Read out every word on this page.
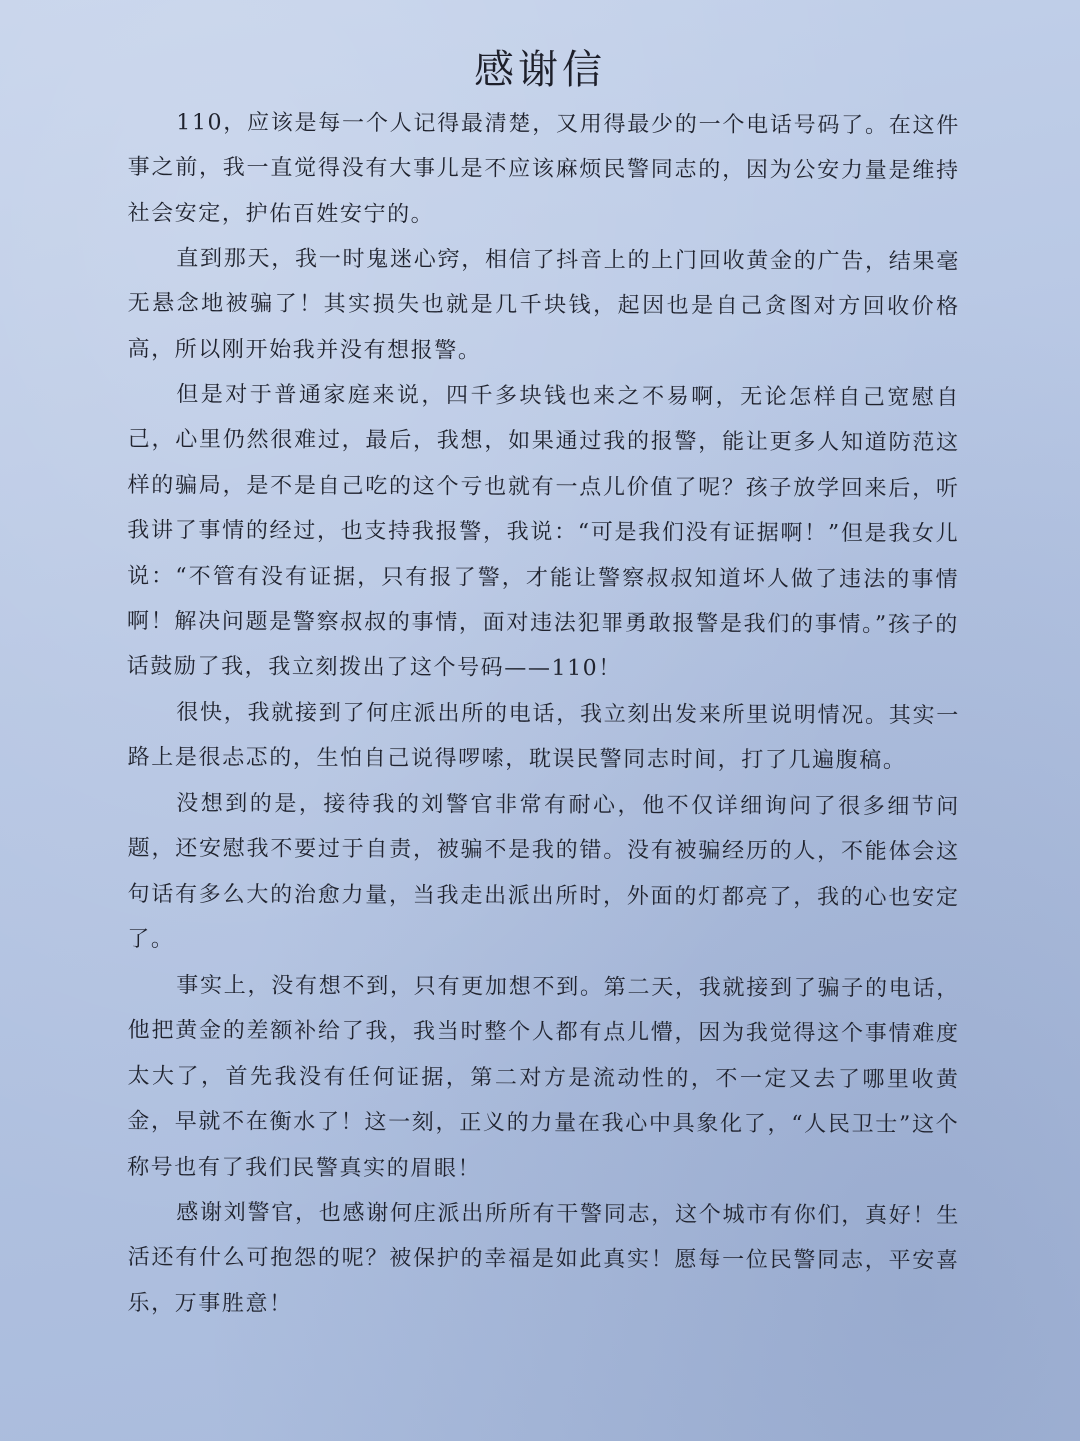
感谢信

110，应该是每一个人记得最清楚，又用得最少的一个电话号码了。在这件事之前，我一直觉得没有大事儿是不应该麻烦民警同志的，因为公安力量是维持社会安定，护佑百姓安宁的。

直到那天，我一时鬼迷心窍，相信了抖音上的上门回收黄金的广告，结果毫无悬念地被骗了！其实损失也就是几千块钱，起因也是自己贪图对方回收价格高，所以刚开始我并没有想报警。

但是对于普通家庭来说，四千多块钱也来之不易啊，无论怎样自己宽慰自己，心里仍然很难过，最后，我想，如果通过我的报警，能让更多人知道防范这样的骗局，是不是自己吃的这个亏也就有一点儿价值了呢？孩子放学回来后，听我讲了事情的经过，也支持我报警，我说：“可是我们没有证据啊！”但是我女儿说：“不管有没有证据，只有报了警，才能让警察叔叔知道坏人做了违法的事情啊！解决问题是警察叔叔的事情，面对违法犯罪勇敢报警是我们的事情。”孩子的话鼓励了我，我立刻拨出了这个号码——110！

很快，我就接到了何庄派出所的电话，我立刻出发来所里说明情况。其实一路上是很忐忑的，生怕自己说得啰嗦，耽误民警同志时间，打了几遍腹稿。

没想到的是，接待我的刘警官非常有耐心，他不仅详细询问了很多细节问题，还安慰我不要过于自责，被骗不是我的错。没有被骗经历的人，不能体会这句话有多么大的治愈力量，当我走出派出所时，外面的灯都亮了，我的心也安定了。

事实上，没有想不到，只有更加想不到。第二天，我就接到了骗子的电话，他把黄金的差额补给了我，我当时整个人都有点儿懵，因为我觉得这个事情难度太大了，首先我没有任何证据，第二对方是流动性的，不一定又去了哪里收黄金，早就不在衡水了！这一刻，正义的力量在我心中具象化了，“人民卫士”这个称号也有了我们民警真实的眉眼！

感谢刘警官，也感谢何庄派出所所有干警同志，这个城市有你们，真好！生活还有什么可抱怨的呢？被保护的幸福是如此真实！愿每一位民警同志，平安喜乐，万事胜意！
